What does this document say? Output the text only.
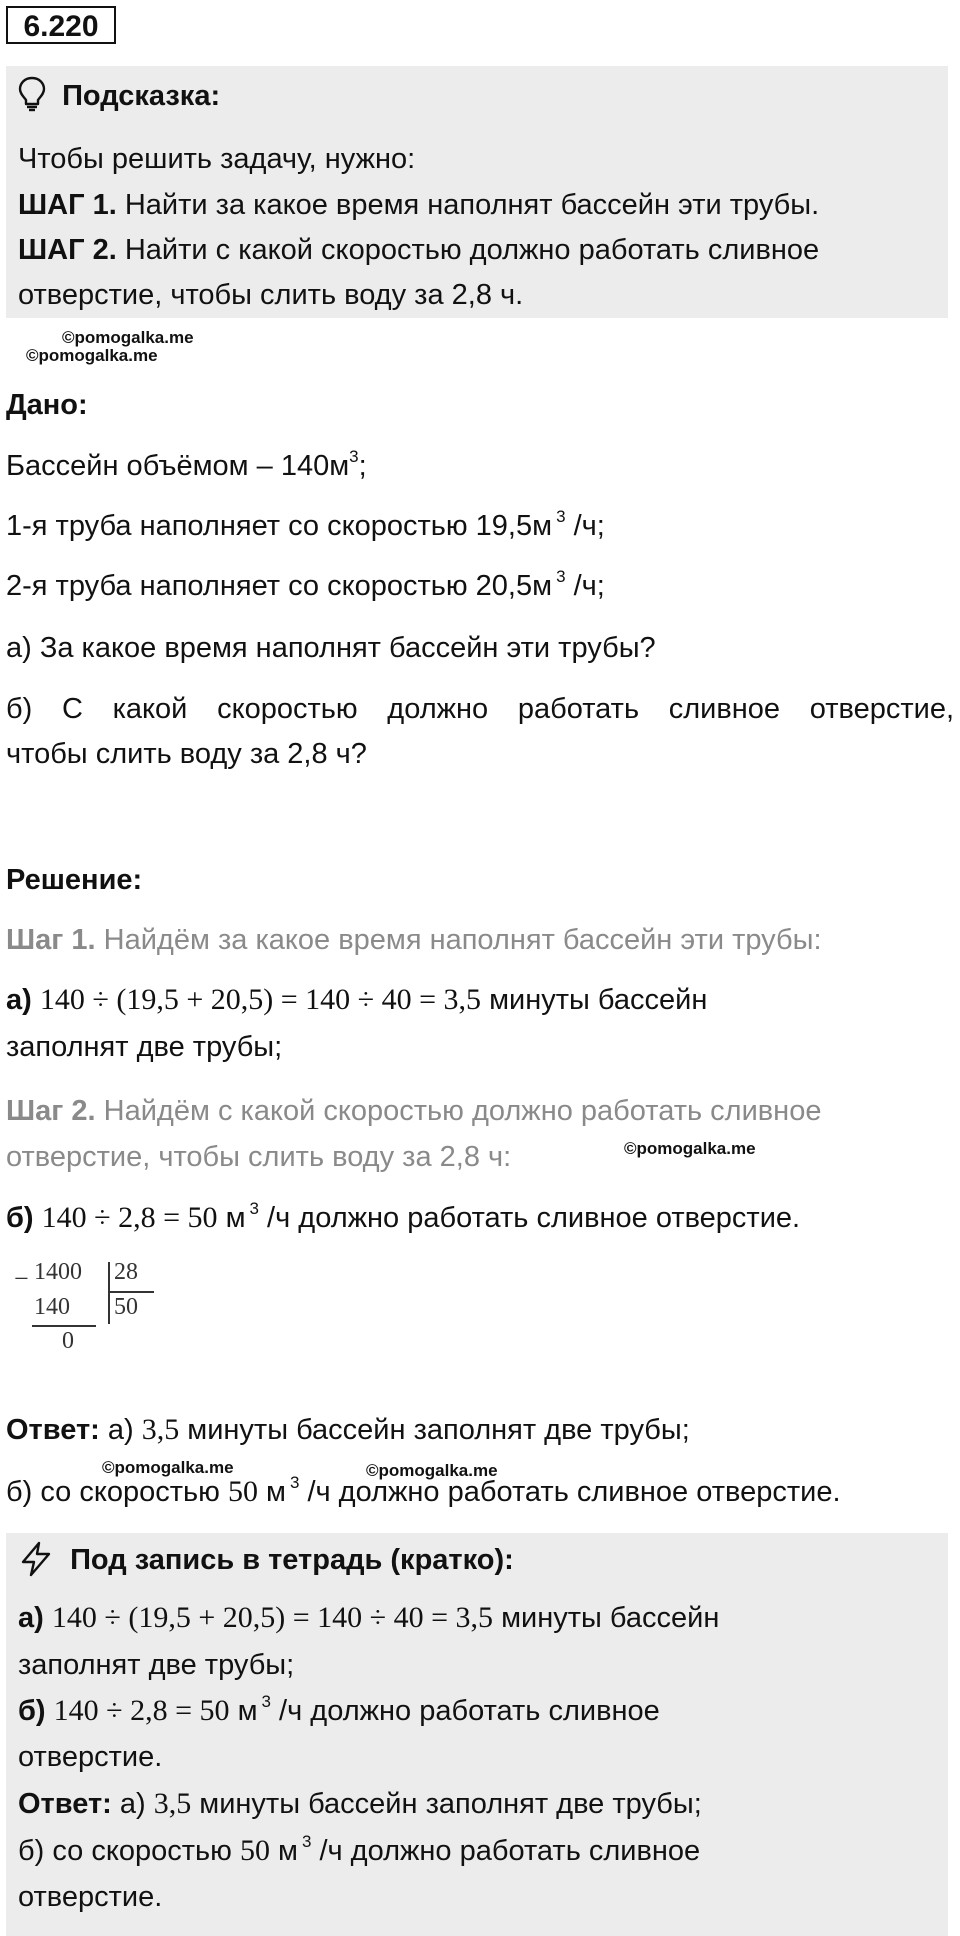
6.220
Подсказка:
Чтобы решить задачу, нужно:
ШАГ 1. Найти за какое время наполнят бассейн эти трубы.
ШАГ 2. Найти с какой скоростью должно работать сливное
отверстие, чтобы слить воду за 2,8 ч.
©pomogalka.me
©pomogalka.me
Дано:
Бассейн объёмом – $140м^3$;
1-я труба наполняет со скоростью 19,5м $^3$ /ч;
2-я труба наполняет со скоростью 20,5м $^3$ /ч;
а) За какое время наполнят бассейн эти трубы?
б) С какой скоростью должно работать сливное отверстие,
чтобы слить воду за 2,8 ч?
Решение:
Шаг 1. Найдём за какое время наполнят бассейн эти трубы:
а) 140 ÷ (19,5 + 20,5) = 140 ÷ 40 = 3,5 минуты бассейн
заполнят две трубы;
Шаг 2. Найдём с какой скоростью должно работать сливное
отверстие, чтобы слить воду за 2,8 ч:	©pomogalka.me
б) 140 ÷ 2,8 = 50 м $^3$ /ч должно работать сливное отверстие.
− 1400 28
50
140
0
Ответ: а) 3,5 минуты бассейн заполнят две трубы;
©pomogalka.me	©pomogalka.me
б) со скоростью 50 м $^3$ /ч должно работать сливное отверстие.
Под запись в тетрадь (кратко):
а) 140 ÷ (19,5 + 20,5) = 140 ÷ 40 = 3,5 минуты бассейн
заполнят две трубы;
б) 140 ÷ 2,8 = 50 м $^3$ /ч должно работать сливное
отверстие.
Ответ: а) 3,5 минуты бассейн заполнят две трубы;
б) со скоростью 50 м $^3$ /ч должно работать сливное
отверстие.
